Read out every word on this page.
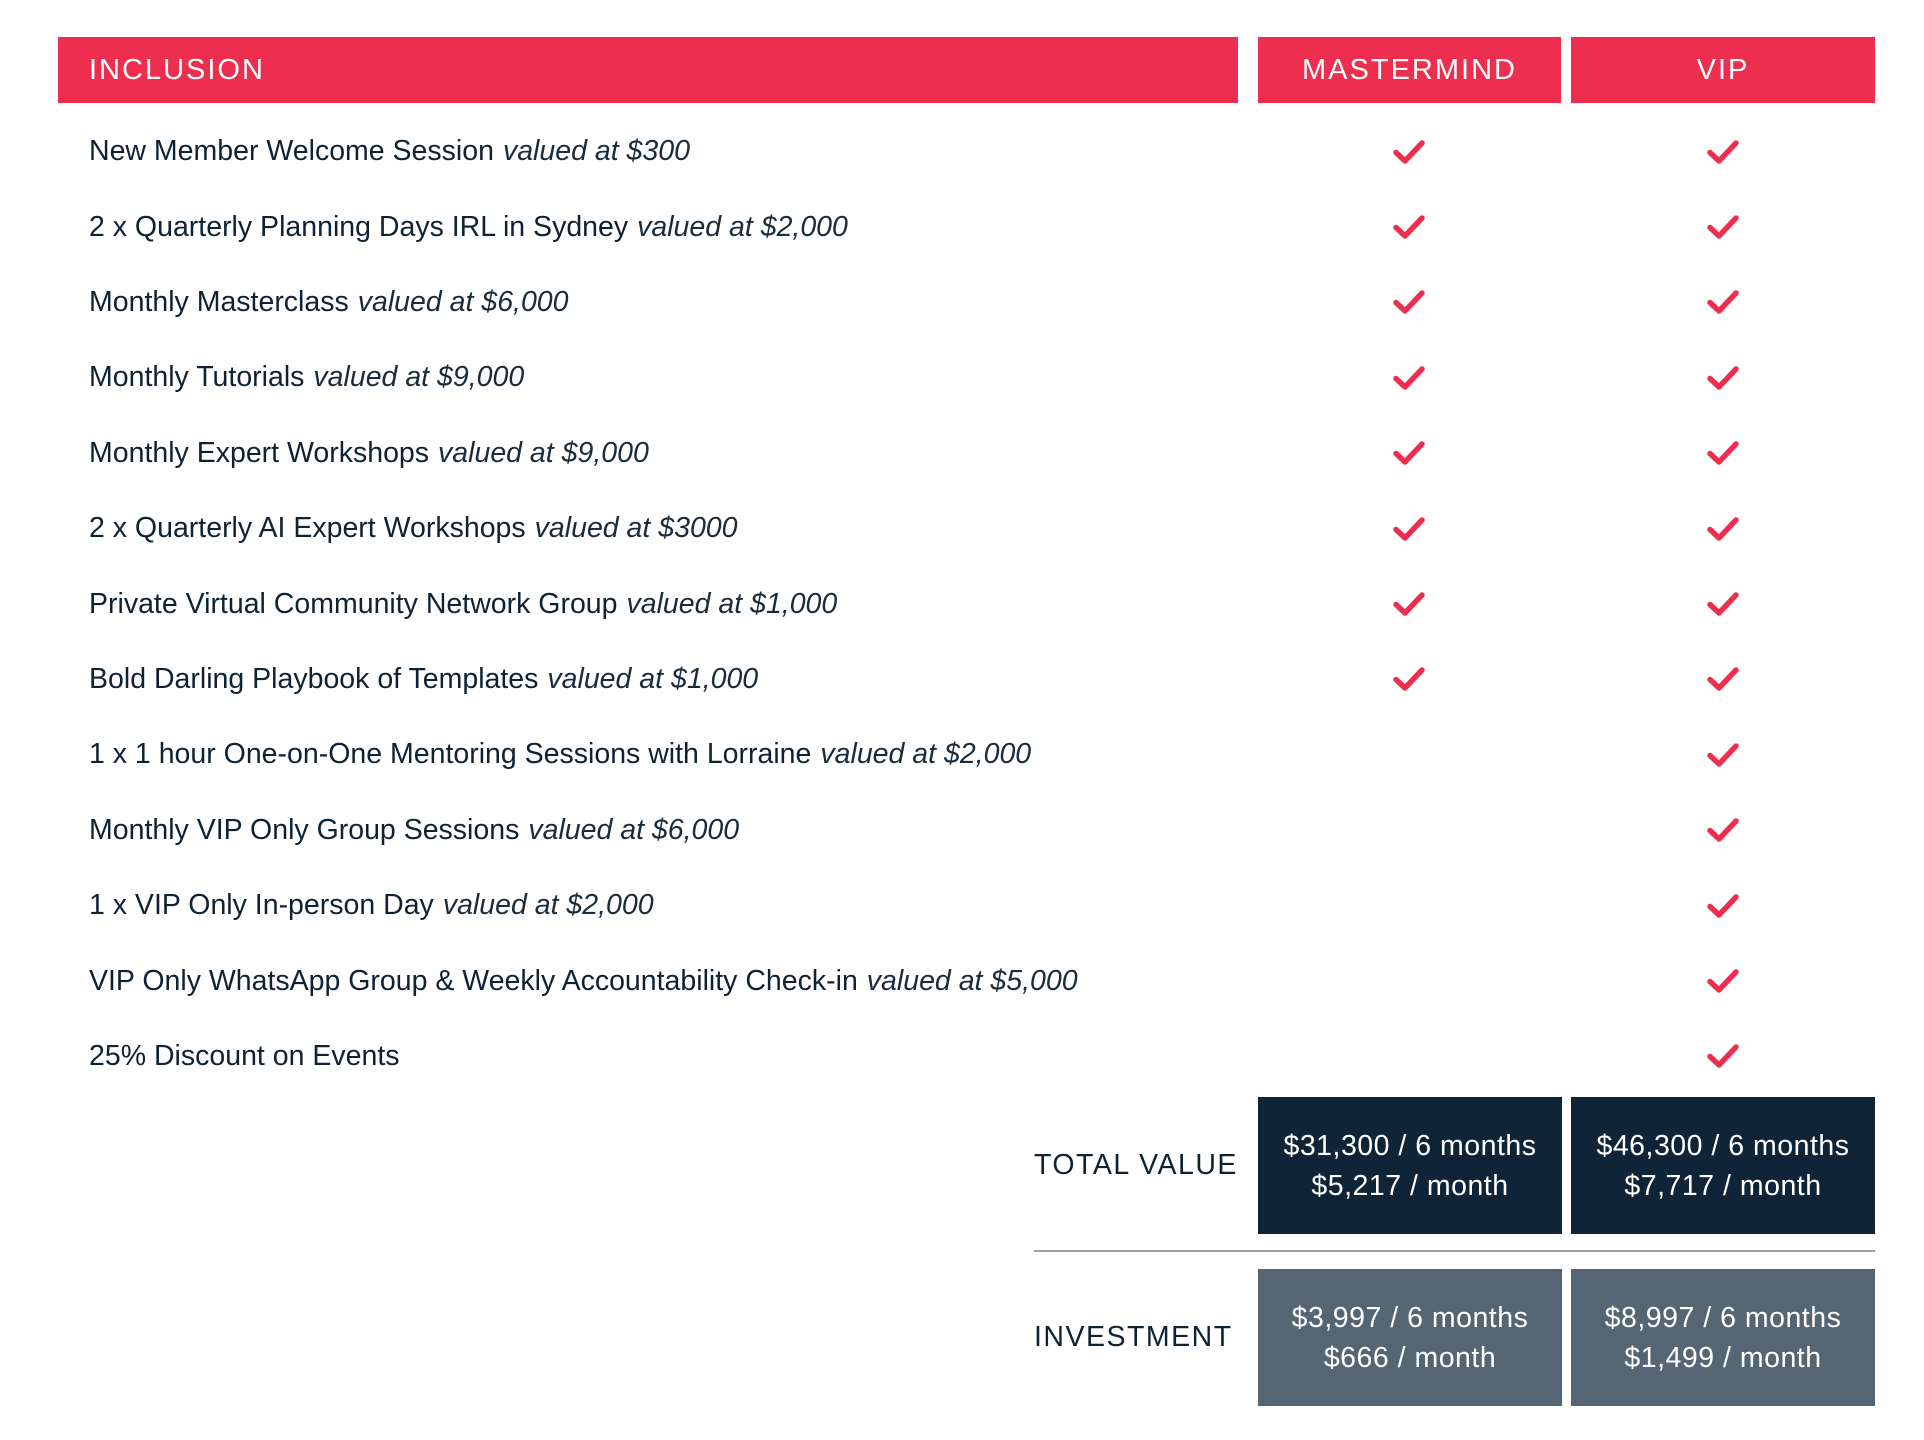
INCLUSION	MASTERMIND	VIP
New Member Welcome Session valued at $300
2 x Quarterly Planning Days IRL in Sydney valued at $2,000
Monthly Masterclass valued at $6,000
Monthly Tutorials valued at $9,000
Monthly Expert Workshops valued at $9,000
2 x Quarterly AI Expert Workshops valued at $3000
Private Virtual Community Network Group valued at $1,000
Bold Darling Playbook of Templates valued at $1,000
1 x 1 hour One-on-One Mentoring Sessions with Lorraine valued at $2,000
Monthly VIP Only Group Sessions valued at $6,000
1 x VIP Only In-person Day valued at $2,000
VIP Only WhatsApp Group & Weekly Accountability Check-in valued at $5,000
25% Discount on Events
TOTAL VALUE
$31,300 / 6 months
$5,217 / month
$46,300 / 6 months
$7,717 / month
INVESTMENT
$3,997 / 6 months
$666 / month
$8,997 / 6 months
$1,499 / month
